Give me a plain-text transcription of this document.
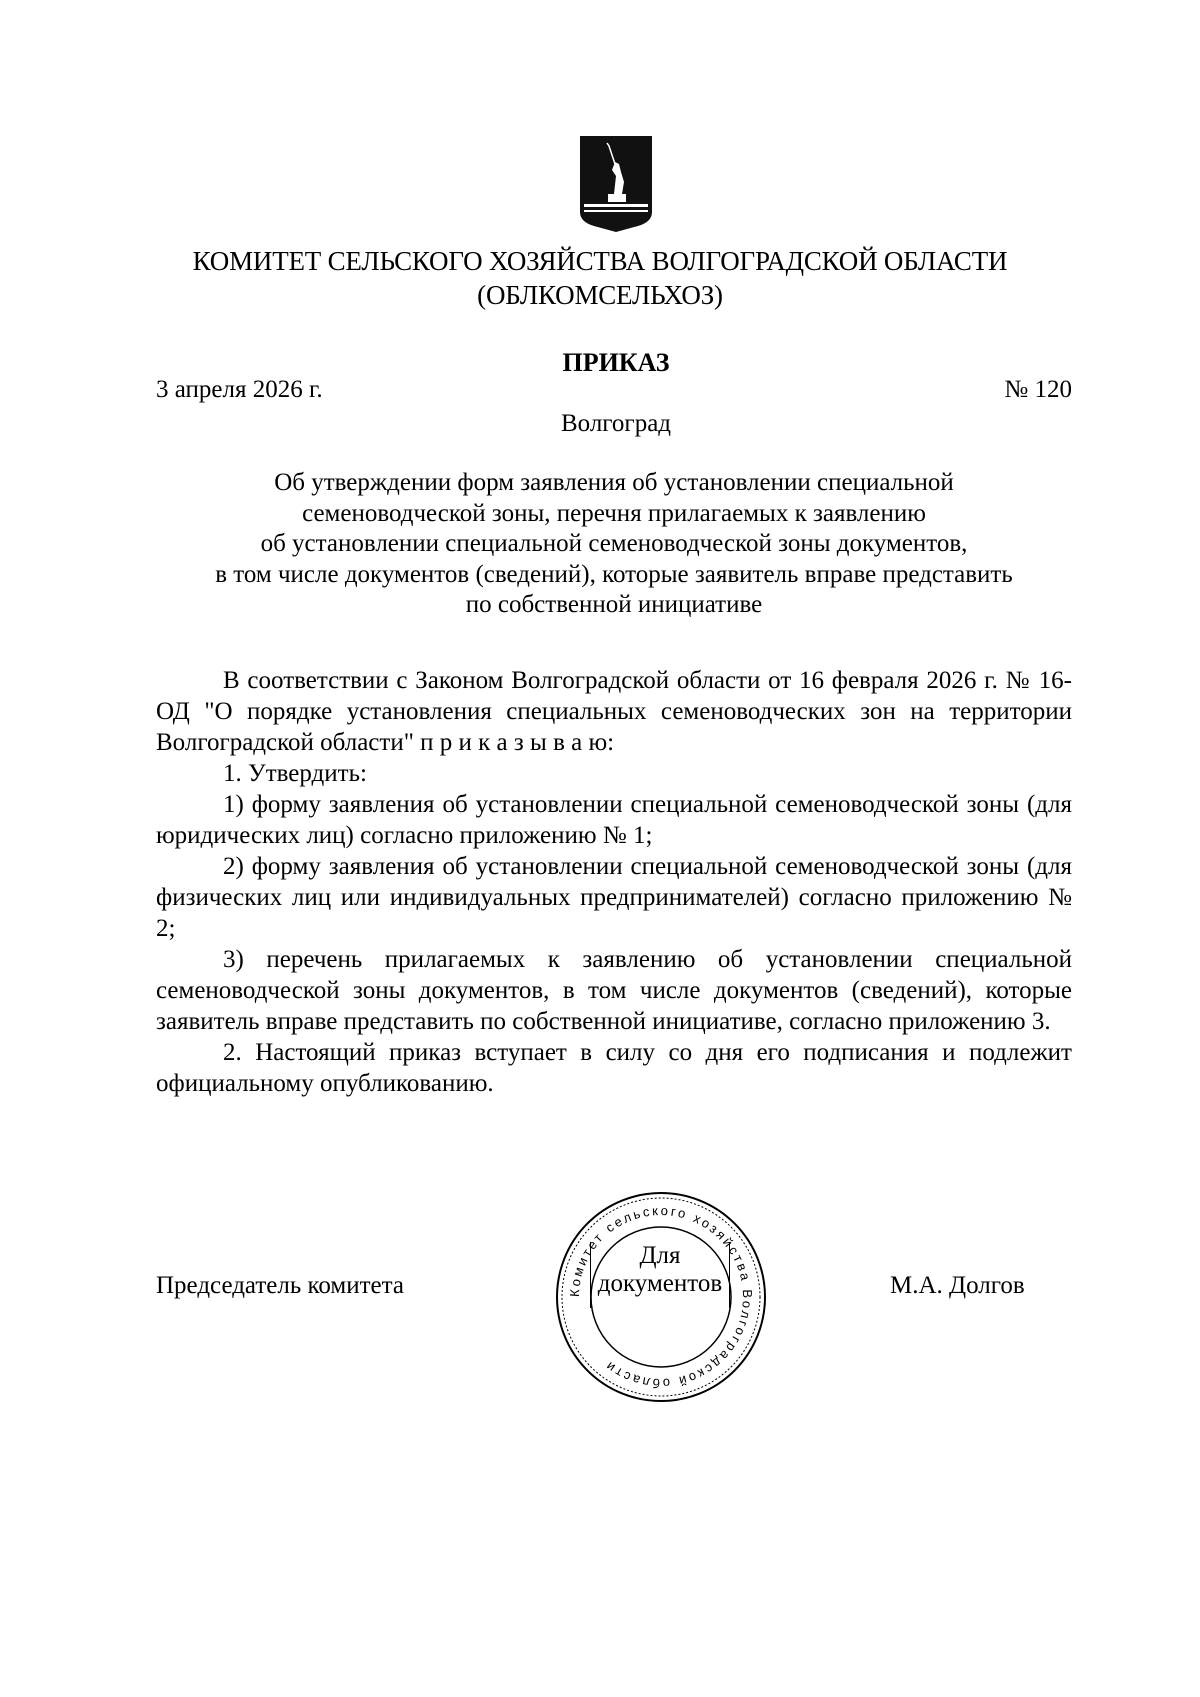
КОМИТЕТ СЕЛЬСКОГО ХОЗЯЙСТВА ВОЛГОГРАДСКОЙ ОБЛАСТИ
(ОБЛКОМСЕЛЬХОЗ)
ПРИКАЗ
3 апреля 2026 г.	№ 120
Волгоград
Об утверждении форм заявления об установлении специальной
семеноводческой зоны, перечня прилагаемых к заявлению
об установлении специальной семеноводческой зоны документов,
в том числе документов (сведений), которые заявитель вправе представить
по собственной инициативе

В соответствии с Законом Волгоградской области от 16 февраля 2026 г. № 16-ОД "О порядке установления специальных семеноводческих зон на территории Волгоградской области" п р и к а з ы в а ю:

1. Утвердить:

1) форму заявления об установлении специальной семеноводческой зоны (для юридических лиц) согласно приложению № 1;

2) форму заявления об установлении специальной семеноводческой зоны (для физических лиц или индивидуальных предпринимателей) согласно приложению № 2;

3) перечень прилагаемых к заявлению об установлении специальной семеноводческой зоны документов, в том числе документов (сведений), которые заявитель вправе представить по собственной инициативе, согласно приложению 3.

2. Настоящий приказ вступает в силу со дня его подписания и подлежит официальному опубликованию.

Председатель комитета	М.А. Долгов
Комитет сельского хозяйства Волгоградской области
Для
документов
